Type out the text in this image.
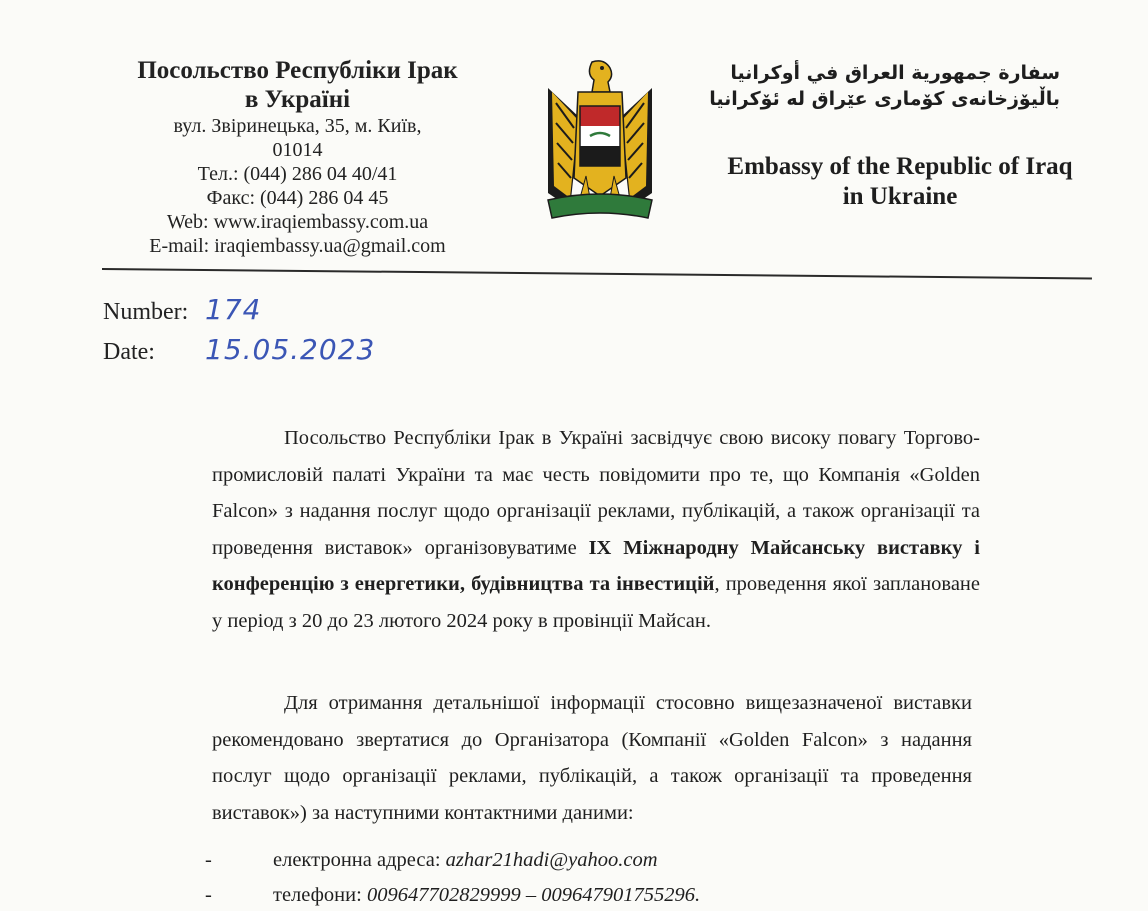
Посольство Республіки Ірак
в Україні
вул. Звіринецька, 35, м. Київ,
01014
Тел.: (044) 286 04 40/41
Факс: (044) 286 04 45
Web: www.iraqiembassy.com.ua
E-mail: iraqiembassy.ua@gmail.com
سفارة جمهورية العراق في أوكرانيا
باڵیۆزخانەی کۆماری عێراق لە ئۆکرانیا
Embassy of the Republic of Iraq
in Ukraine
Number: 174
Date: 15.05.2023
Посольство Республіки Ірак в Україні засвідчує свою високу повагу Торгово-промисловій палаті України та має честь повідомити про те, що Компанія «Golden Falcon» з надання послуг щодо організації реклами, публікацій, а також організації та проведення виставок» організовуватиме IX Міжнародну Майсанську виставку і конференцію з енергетики, будівництва та інвестицій, проведення якої заплановане у період з 20 до 23 лютого 2024 року в провінції Майсан.
Для отримання детальнішої інформації стосовно вищезазначеної виставки рекомендовано звертатися до Організатора (Компанії «Golden Falcon» з надання послуг щодо організації реклами, публікацій, а також організації та проведення виставок») за наступними контактними даними:
-	електронна адреса: azhar21hadi@yahoo.com
-	телефони: 009647702829999 – 009647901755296.
